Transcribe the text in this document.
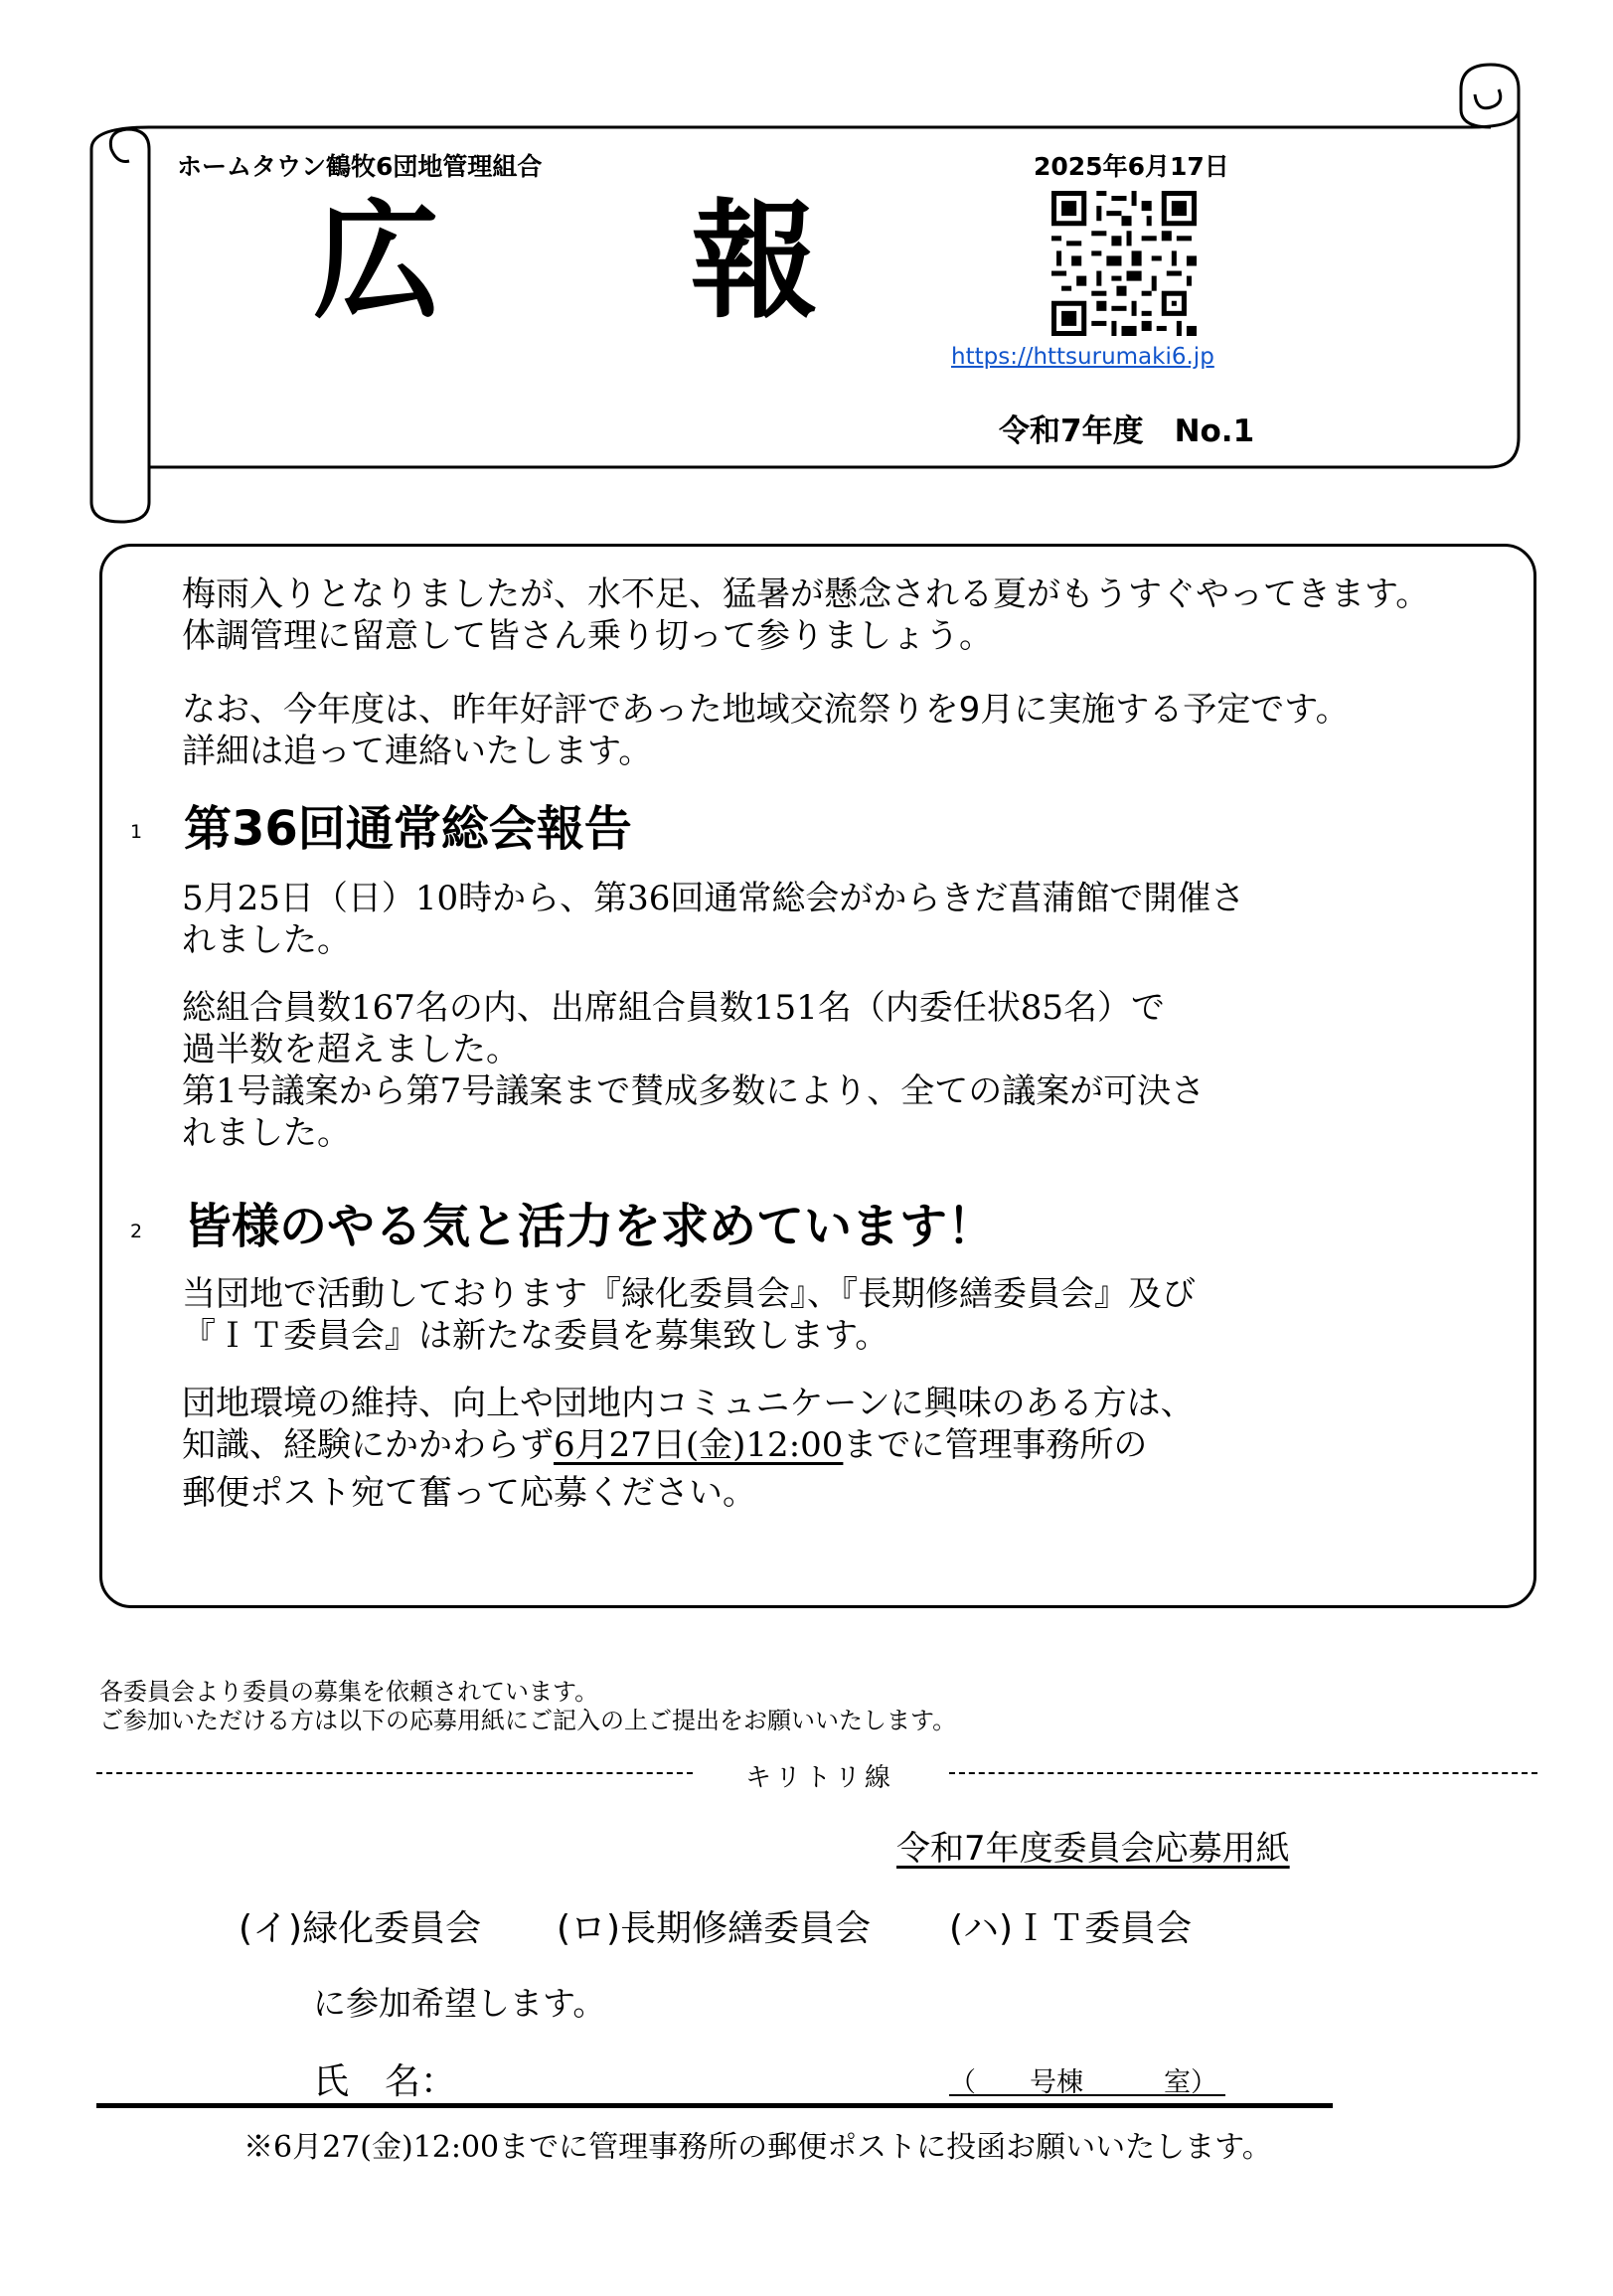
ホームタウン鶴牧6団地管理組合	2025年6月17日
広 報
https://httsurumaki6.jp
令和7年度　No.1
梅雨入りとなりましたが、水不足、猛暑が懸念される夏がもうすぐやってきます。
体調管理に留意して皆さん乗り切って参りましょう。
なお、今年度は、昨年好評であった地域交流祭りを9月に実施する予定です。
詳細は追って連絡いたします。
1 第36回通常総会報告
5月25日（日）10時から、第36回通常総会がからきだ菖蒲館で開催さ
れました。
総組合員数167名の内、出席組合員数151名（内委任状85名）で
過半数を超えました。
第1号議案から第7号議案まで賛成多数により、全ての議案が可決さ
れました。
2 皆様のやる気と活力を求めています！
当団地で活動しております『緑化委員会』、『長期修繕委員会』及び
『ＩＴ委員会』は新たな委員を募集致します。
団地環境の維持、向上や団地内コミュニケーンに興味のある方は、
知識、経験にかかわらず6月27日(金)12:00までに管理事務所の
郵便ポスト宛て奮って応募ください。
各委員会より委員の募集を依頼されています。
ご参加いただける方は以下の応募用紙にご記入の上ご提出をお願いいたします。
キリトリ線
令和7年度委員会応募用紙
(イ)緑化委員会 (ロ)長期修繕委員会 (ハ)ＩＴ委員会
に参加希望します。
氏　名：	（　　号棟　　　室）
※6月27(金)12:00までに管理事務所の郵便ポストに投函お願いいたします。
